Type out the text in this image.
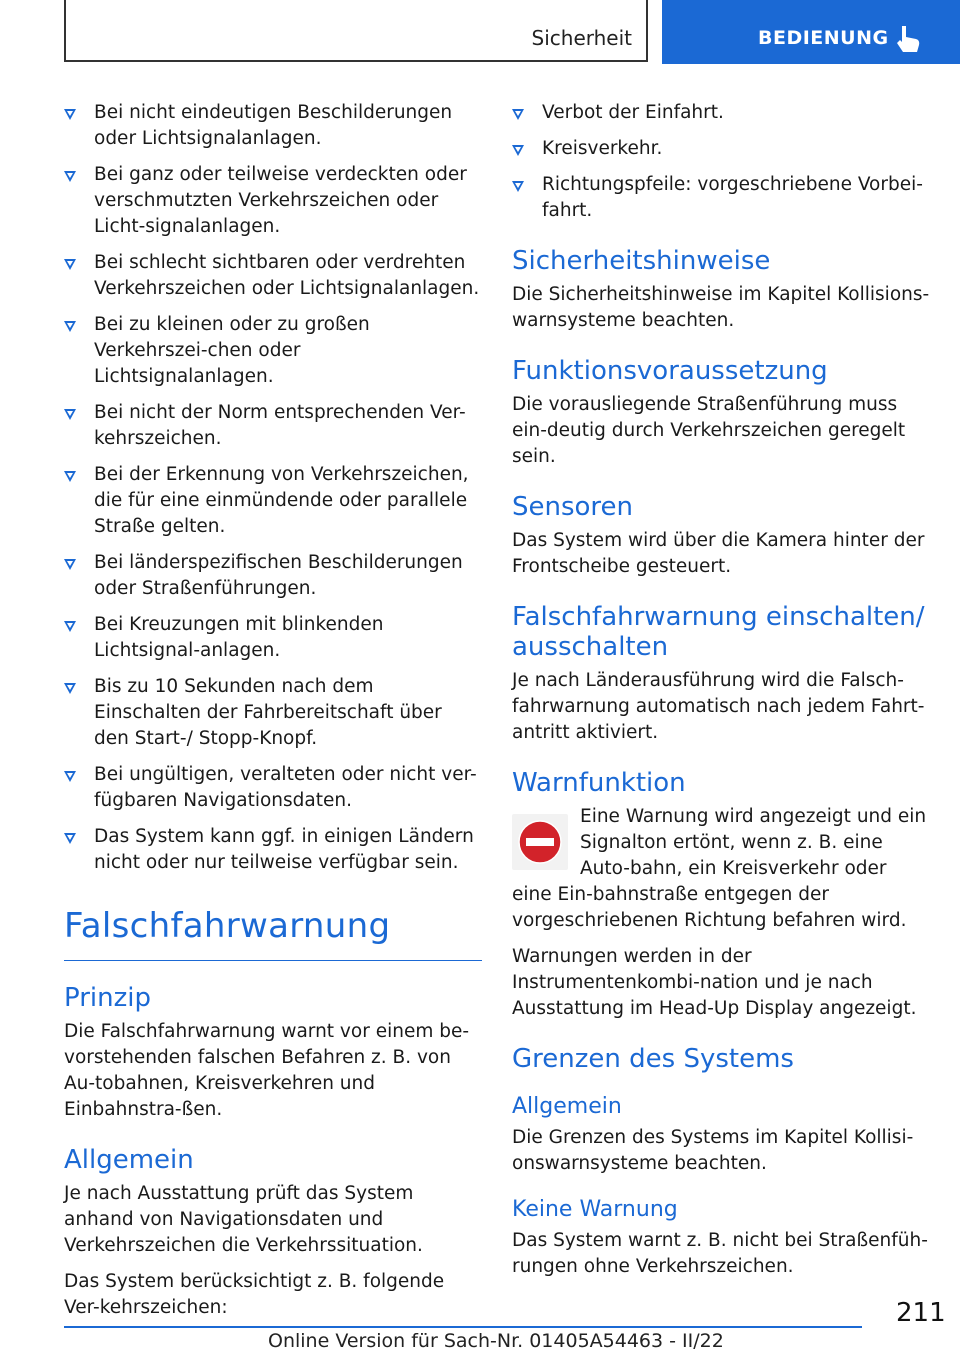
Sicherheit	BEDIENUNG
Bei nicht eindeutigen Beschilderungen oder Lichtsignalanlagen.
Bei ganz oder teilweise verdeckten oder verschmutzten Verkehrszeichen oder Licht-signalanlagen.
Bei schlecht sichtbaren oder verdrehten Verkehrszeichen oder Lichtsignalanlagen.
Bei zu kleinen oder zu großen Verkehrszei-chen oder Lichtsignalanlagen.
Bei nicht der Norm entsprechenden Ver-kehrszeichen.
Bei der Erkennung von Verkehrszeichen, die für eine einmündende oder parallele Straße gelten.
Bei länderspezifischen Beschilderungen oder Straßenführungen.
Bei Kreuzungen mit blinkenden Lichtsignal-anlagen.
Bis zu 10 Sekunden nach dem Einschalten der Fahrbereitschaft über den Start-/ Stopp-Knopf.
Bei ungültigen, veralteten oder nicht ver-fügbaren Navigationsdaten.
Das System kann ggf. in einigen Ländern nicht oder nur teilweise verfügbar sein.
Falschfahrwarnung
Prinzip

Die Falschfahrwarnung warnt vor einem be-vorstehenden falschen Befahren z. B. von Au-tobahnen, Kreisverkehren und Einbahnstra-ßen.

Allgemein

Je nach Ausstattung prüft das System anhand von Navigationsdaten und Verkehrszeichen die Verkehrssituation.

Das System berücksichtigt z. B. folgende Ver-kehrszeichen:

Verbot der Einfahrt.
Kreisverkehr.
Richtungspfeile: vorgeschriebene Vorbei-fahrt.
Sicherheitshinweise

Die Sicherheitshinweise im Kapitel Kollisions-warnsysteme beachten.

Funktionsvoraussetzung

Die vorausliegende Straßenführung muss ein-deutig durch Verkehrszeichen geregelt sein.

Sensoren

Das System wird über die Kamera hinter der Frontscheibe gesteuert.

Falschfahrwarnung einschalten/ ausschalten

Je nach Länderausführung wird die Falsch-fahrwarnung automatisch nach jedem Fahrt-antritt aktiviert.

Warnfunktion

Eine Warnung wird angezeigt und ein Signalton ertönt, wenn z. B. eine Auto-bahn, ein Kreisverkehr oder eine Ein-bahnstraße entgegen der vorgeschriebenen Richtung befahren wird.

Warnungen werden in der Instrumentenkombi-nation und je nach Ausstattung im Head-Up Display angezeigt.

Grenzen des Systems
Allgemein

Die Grenzen des Systems im Kapitel Kollisi-onswarnsysteme beachten.

Keine Warnung

Das System warnt z. B. nicht bei Straßenfüh-rungen ohne Verkehrszeichen.

211
Online Version für Sach-Nr. 01405A54463 - II/22
